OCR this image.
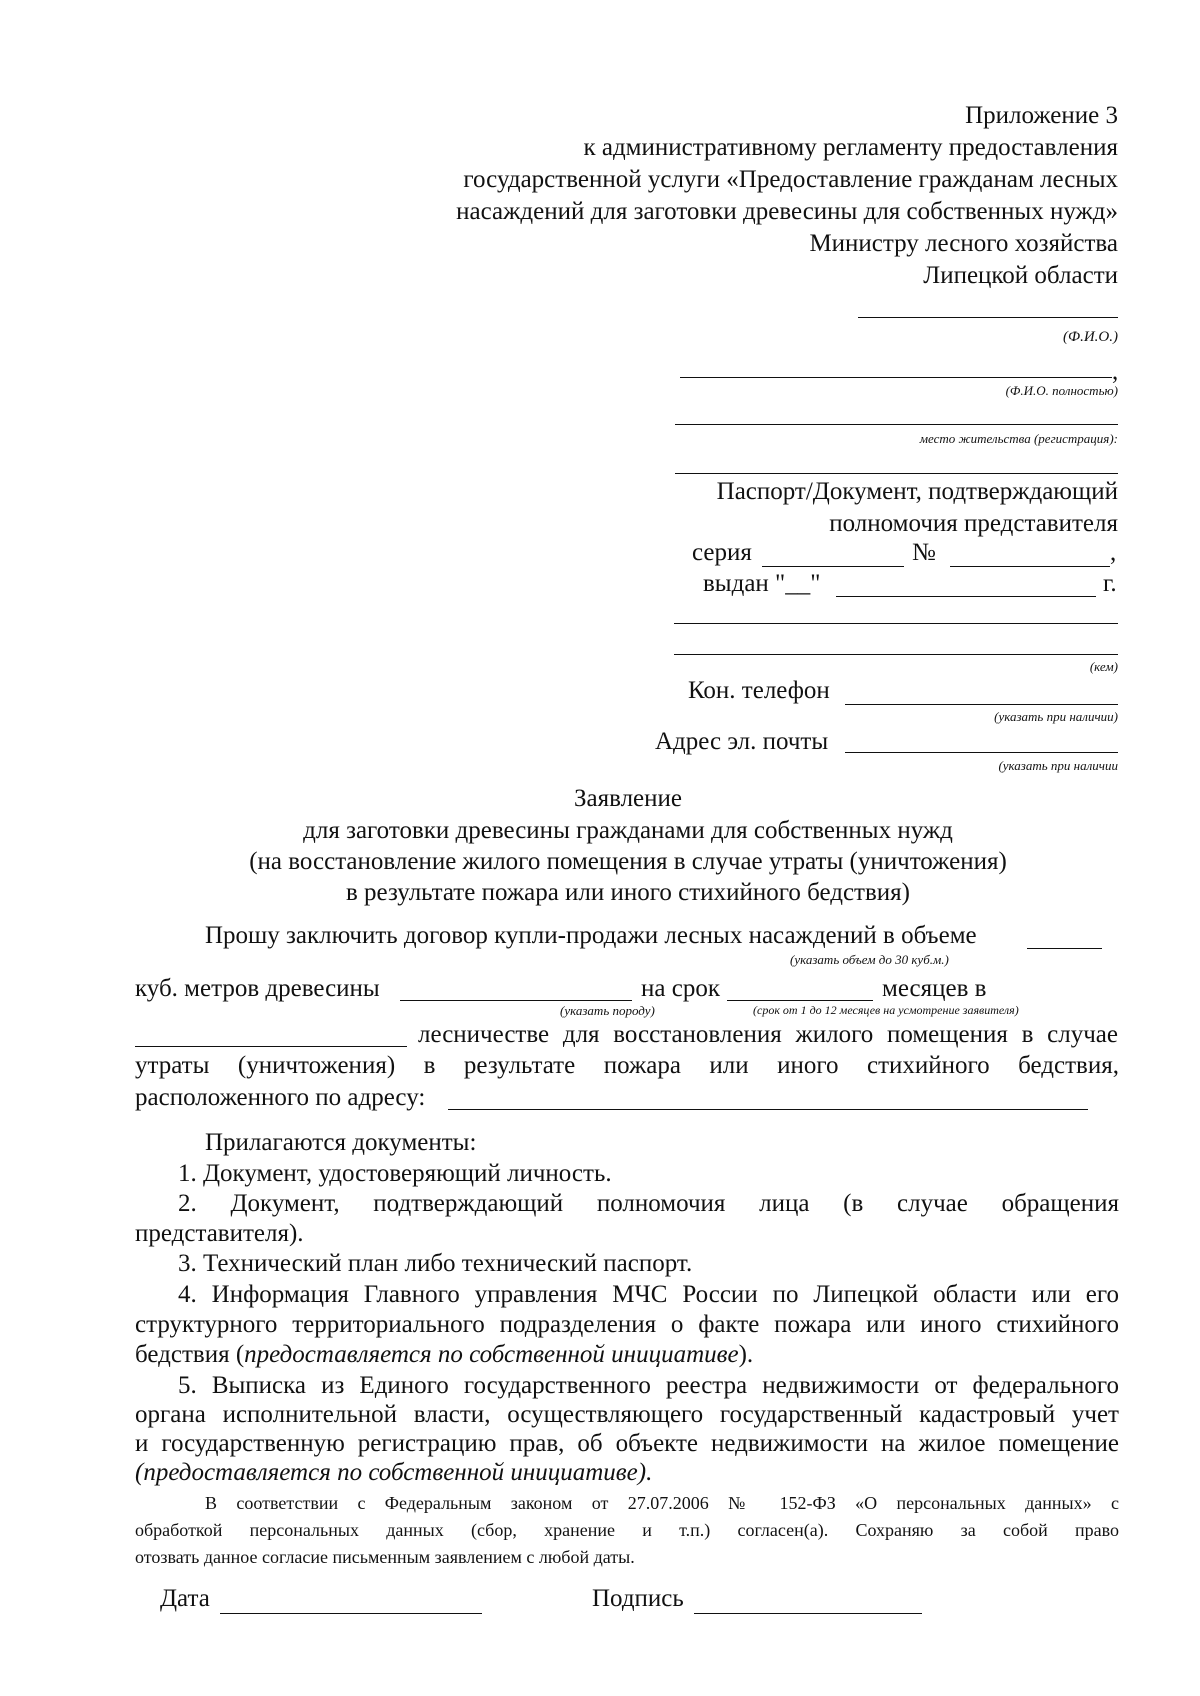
Приложение 3
к административному регламенту предоставления
государственной услуги «Предоставление гражданам лесных
насаждений для заготовки древесины для собственных нужд»
Министру лесного хозяйства
Липецкой области
(Ф.И.О.)
,
(Ф.И.О. полностью)
место жительства (регистрация):
Паспорт/Документ, подтверждающий
полномочия представителя
серия	№	,
выдан "__"	г.
(кем)
Кон. телефон
(указать при наличии)
Адрес эл. почты
(указать при наличии
Заявление
для заготовки древесины гражданами для собственных нужд
(на восстановление жилого помещения в случае утраты (уничтожения)
в результате пожара или иного стихийного бедствия)
Прошу заключить договор купли-продажи лесных насаждений в объеме
(указать объем до 30 куб.м.)
куб. метров древесины	на срок	месяцев в
(указать породу)	(срок от 1 до 12 месяцев на усмотрение заявителя)
лесничестве для восстановления жилого помещения в случае
утраты (уничтожения) в результате пожара или иного стихийного бедствия,
расположенного по адресу:
Прилагаются документы:
1. Документ, удостоверяющий личность.
2. Документ, подтверждающий полномочия лица (в случае обращения
представителя).
3. Технический план либо технический паспорт.
4. Информация Главного управления МЧС России по Липецкой области или его
структурного территориального подразделения о факте пожара или иного стихийного
бедствия (предоставляется по собственной инициативе).
5. Выписка из Единого государственного реестра недвижимости от федерального
органа исполнительной власти, осуществляющего государственный кадастровый учет
и государственную регистрацию прав, об объекте недвижимости на жилое помещение
(предоставляется по собственной инициативе).
В соответствии с Федеральным законом от 27.07.2006 № 152-ФЗ «О персональных данных» с
обработкой персональных данных (сбор, хранение и т.п.) согласен(а). Сохраняю за собой право
отозвать данное согласие письменным заявлением с любой даты.
Дата	Подпись
